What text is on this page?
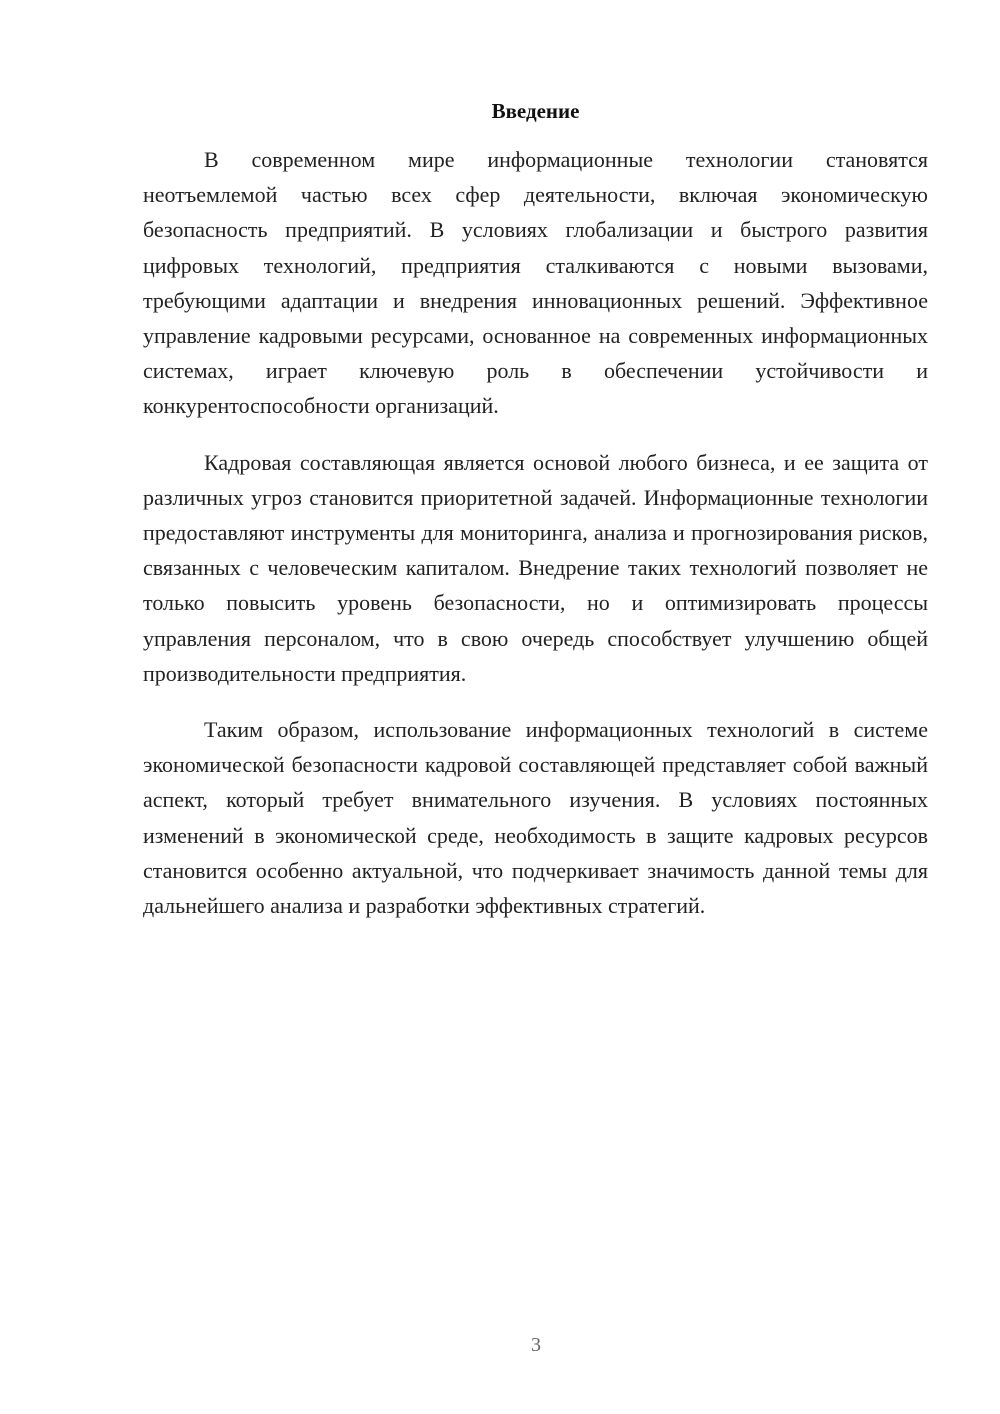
Введение

В современном мире информационные технологии становятся неотъемлемой частью всех сфер деятельности, включая экономическую безопасность предприятий. В условиях глобализации и быстрого развития цифровых технологий, предприятия сталкиваются с новыми вызовами, требующими адаптации и внедрения инновационных решений. Эффективное управление кадровыми ресурсами, основанное на современных информационных системах, играет ключевую роль в обеспечении устойчивости и конкурентоспособности организаций.

Кадровая составляющая является основой любого бизнеса, и ее защита от различных угроз становится приоритетной задачей. Информационные технологии предоставляют инструменты для мониторинга, анализа и прогнозирования рисков, связанных с человеческим капиталом. Внедрение таких технологий позволяет не только повысить уровень безопасности, но и оптимизировать процессы управления персоналом, что в свою очередь способствует улучшению общей производительности предприятия.

Таким образом, использование информационных технологий в системе экономической безопасности кадровой составляющей представляет собой важный аспект, который требует внимательного изучения. В условиях постоянных изменений в экономической среде, необходимость в защите кадровых ресурсов становится особенно актуальной, что подчеркивает значимость данной темы для дальнейшего анализа и разработки эффективных стратегий.

3
